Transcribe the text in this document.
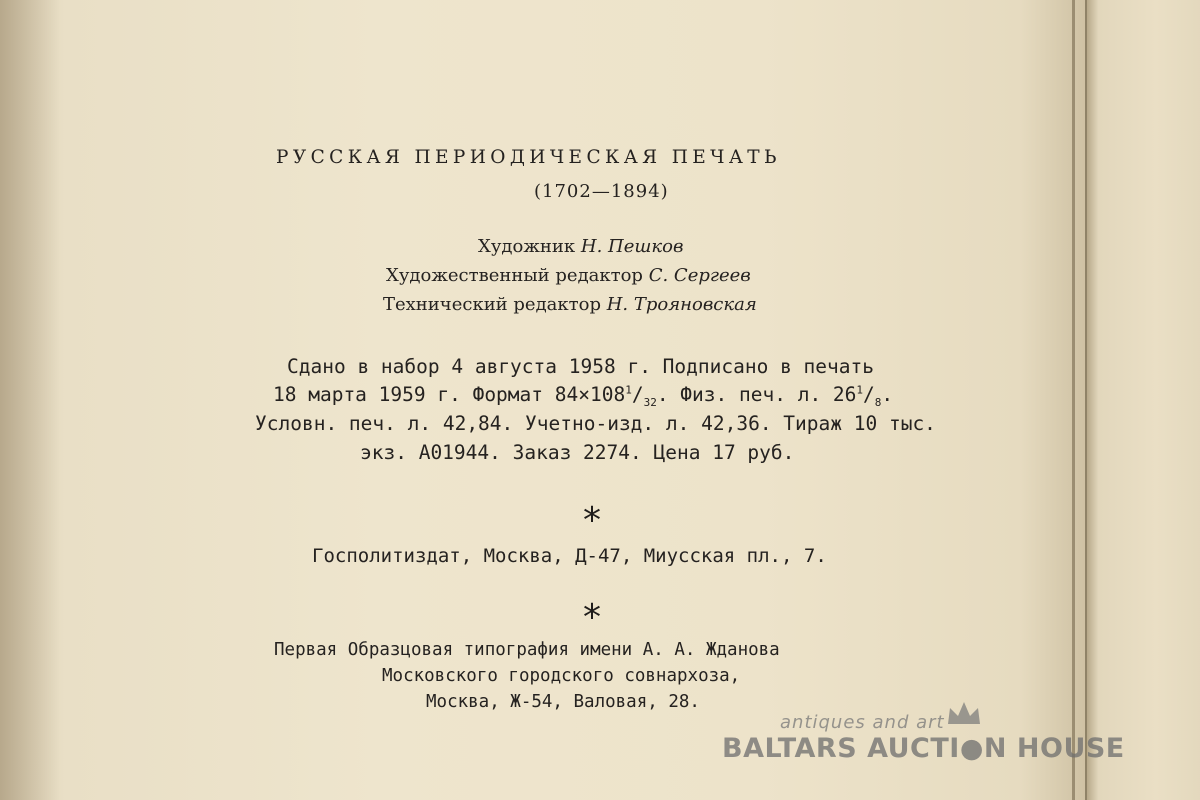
РУССКАЯ ПЕРИОДИЧЕСКАЯ ПЕЧАТЬ

(1702—1894)

Художник Н. Пешков

Художественный редактор С. Сергеев

Технический редактор Н. Трояновская

Сдано в набор 4 августа 1958 г. Подписано в печать

18 марта 1959 г. Формат $84\times 108^1/_{32}$. Физ. печ. л. $26^1/_8$.

Условн. печ. л. 42,84. Учетно-изд. л. 42,36. Тираж 10 тыс.

экз. А01944. Заказ 2274. Цена 17 руб.

*

Госполитиздат, Москва, Д-47, Миусская пл., 7.

*

Первая Образцовая типография имени А. А. Жданова

Московского городского совнархоза,

Москва, Ж-54, Валовая, 28.

antiques and art
BALTARS AUCTI●N HOUSE
